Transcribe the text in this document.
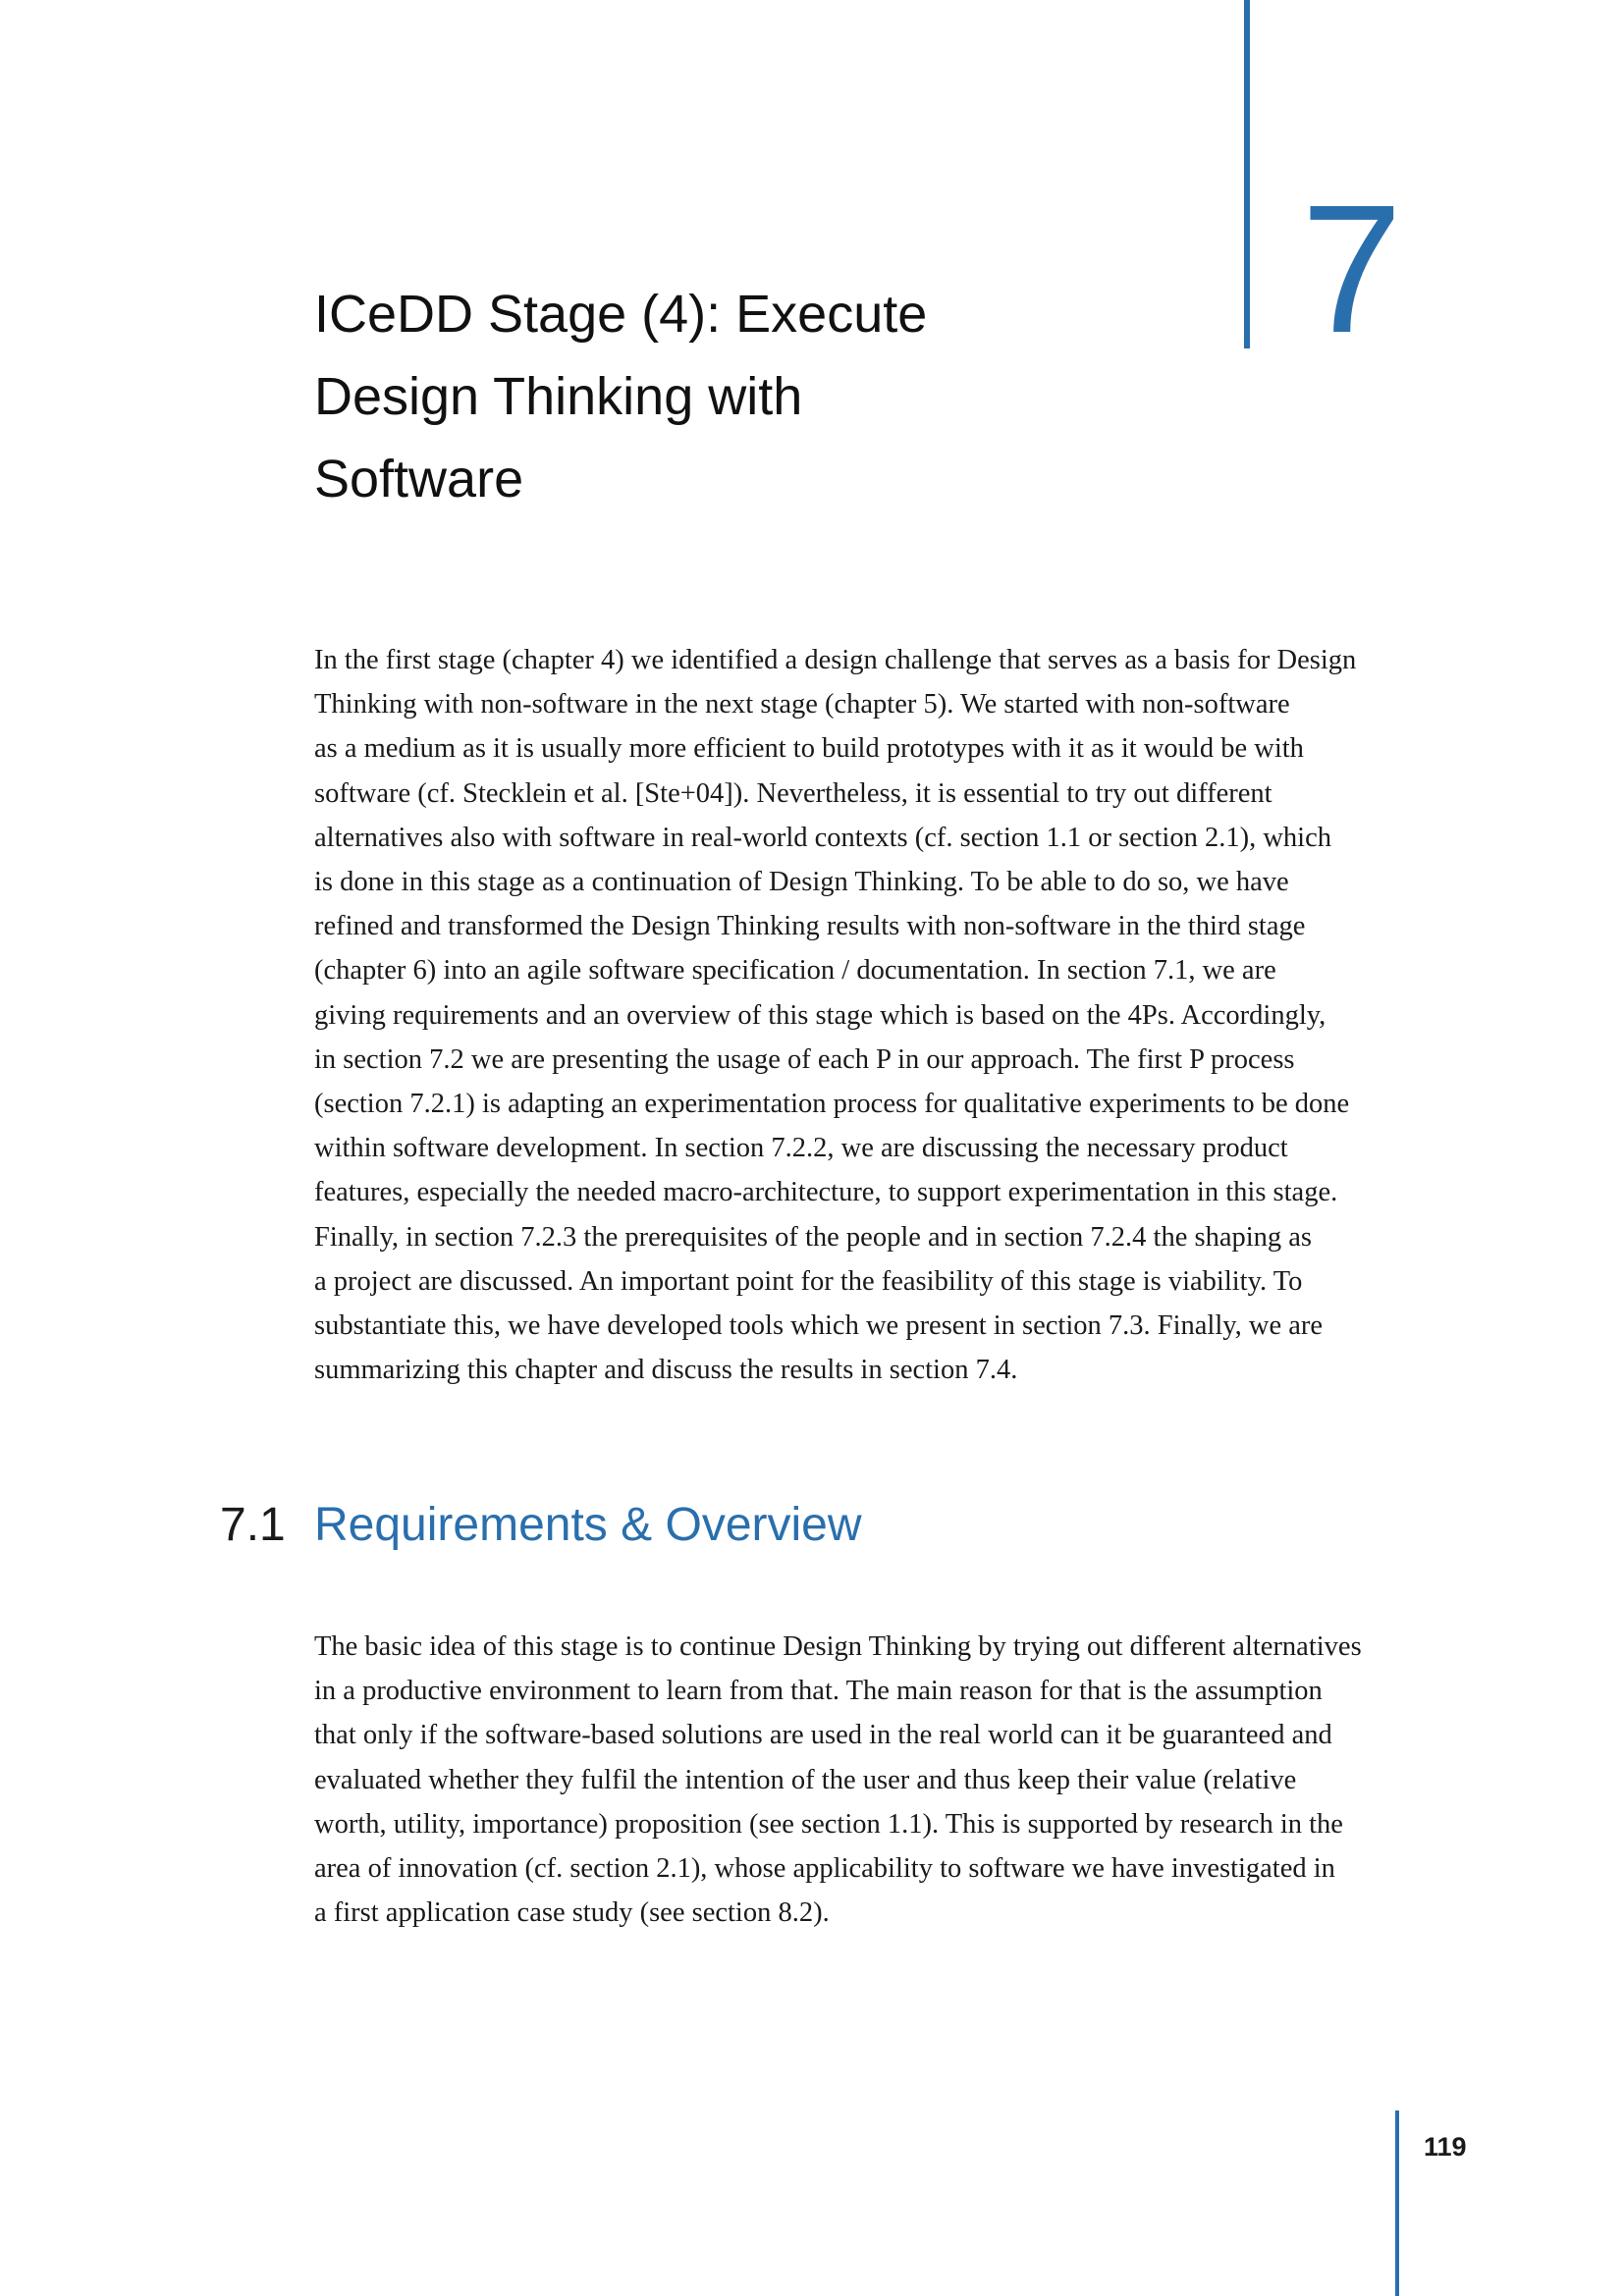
7
ICeDD Stage (4): Execute
Design Thinking with
Software

In the first stage (chapter 4) we identified a design challenge that serves as a basis for Design
Thinking with non-software in the next stage (chapter 5). We started with non-software
as a medium as it is usually more efficient to build prototypes with it as it would be with
software (cf. Stecklein et al. [Ste+04]). Nevertheless, it is essential to try out different
alternatives also with software in real-world contexts (cf. section 1.1 or section 2.1), which
is done in this stage as a continuation of Design Thinking. To be able to do so, we have
refined and transformed the Design Thinking results with non-software in the third stage
(chapter 6) into an agile software specification / documentation. In section 7.1, we are
giving requirements and an overview of this stage which is based on the 4Ps. Accordingly,
in section 7.2 we are presenting the usage of each P in our approach. The first P process
(section 7.2.1) is adapting an experimentation process for qualitative experiments to be done
within software development. In section 7.2.2, we are discussing the necessary product
features, especially the needed macro-architecture, to support experimentation in this stage.
Finally, in section 7.2.3 the prerequisites of the people and in section 7.2.4 the shaping as
a project are discussed. An important point for the feasibility of this stage is viability. To
substantiate this, we have developed tools which we present in section 7.3. Finally, we are
summarizing this chapter and discuss the results in section 7.4.

7.1 Requirements & Overview

The basic idea of this stage is to continue Design Thinking by trying out different alternatives
in a productive environment to learn from that. The main reason for that is the assumption
that only if the software-based solutions are used in the real world can it be guaranteed and
evaluated whether they fulfil the intention of the user and thus keep their value (relative
worth, utility, importance) proposition (see section 1.1). This is supported by research in the
area of innovation (cf. section 2.1), whose applicability to software we have investigated in
a first application case study (see section 8.2).

119
